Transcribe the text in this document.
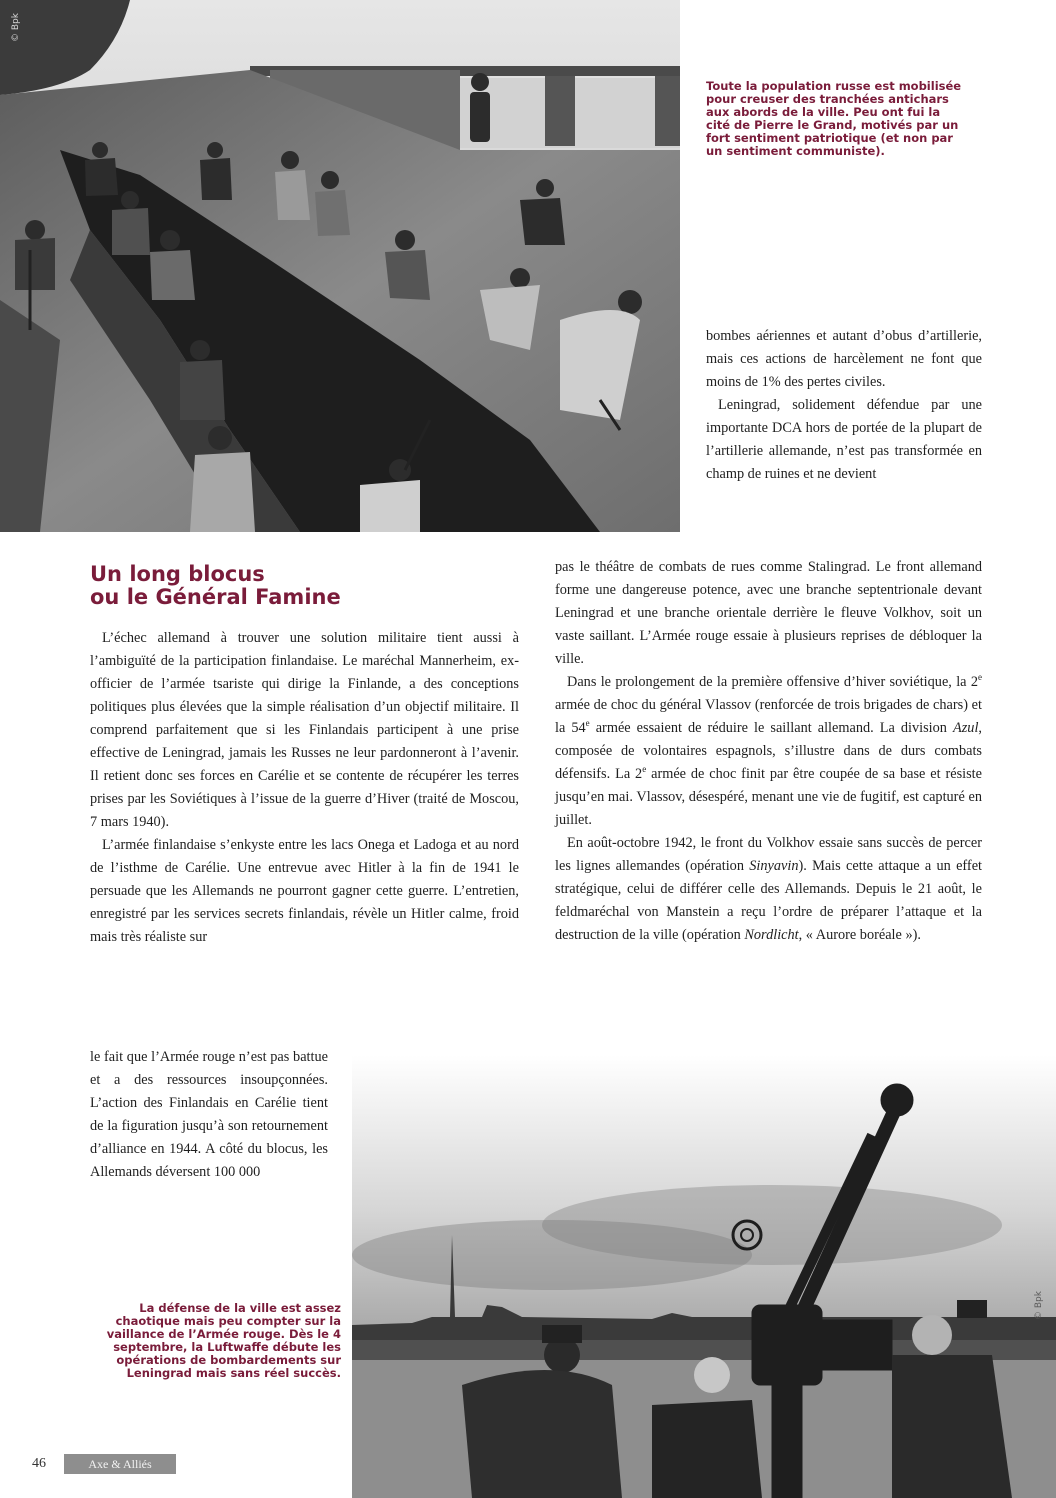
© Bpk
Toute la population russe est mobilisée pour creuser des tranchées antichars aux abords de la ville. Peu ont fui la cité de Pierre le Grand, motivés par un fort sentiment patriotique (et non par un sentiment communiste).

bombes aériennes et autant d’obus d’artillerie, mais ces actions de harcèlement ne font que moins de 1% des pertes civiles.

Leningrad, solidement défendue par une importante DCA hors de portée de la plupart de l’artillerie allemande, n’est pas transformée en champ de ruines et ne devient

Un long blocus
ou le Général Famine

L’échec allemand à trouver une solution militaire tient aussi à l’ambiguïté de la participation finlandaise. Le maréchal Mannerheim, ex-officier de l’armée tsariste qui dirige la Finlande, a des conceptions politiques plus élevées que la simple réalisation d’un objectif militaire. Il comprend parfaitement que si les Finlandais participent à une prise effective de Leningrad, jamais les Russes ne leur pardonneront à l’avenir. Il retient donc ses forces en Carélie et se contente de récupérer les terres prises par les Soviétiques à l’issue de la guerre d’Hiver (traité de Moscou, 7 mars 1940).

L’armée finlandaise s’enkyste entre les lacs Onega et Ladoga et au nord de l’isthme de Carélie. Une entrevue avec Hitler à la fin de 1941 le persuade que les Allemands ne pourront gagner cette guerre. L’entretien, enregistré par les services secrets finlandais, révèle un Hitler calme, froid mais très réaliste sur

le fait que l’Armée rouge n’est pas battue et a des ressources insoupçonnées. L’action des Finlandais en Carélie tient de la figuration jusqu’à son retournement d’alliance en 1944. A côté du blocus, les Allemands déversent 100 000

pas le théâtre de combats de rues comme Stalingrad. Le front allemand forme une dangereuse potence, avec une branche septentrionale devant Leningrad et une branche orientale derrière le fleuve Volkhov, soit un vaste saillant. L’Armée rouge essaie à plusieurs reprises de débloquer la ville.

Dans le prolongement de la première offensive d’hiver soviétique, la 2e armée de choc du général Vlassov (renforcée de trois brigades de chars) et la 54e armée essaient de réduire le saillant allemand. La division Azul, composée de volontaires espagnols, s’illustre dans de durs combats défensifs. La 2e armée de choc finit par être coupée de sa base et résiste jusqu’en mai. Vlassov, désespéré, menant une vie de fugitif, est capturé en juillet.

En août-octobre 1942, le front du Volkhov essaie sans succès de percer les lignes allemandes (opération Sinyavin). Mais cette attaque a un effet stratégique, celui de différer celle des Allemands. Depuis le 21 août, le feldmaréchal von Manstein a reçu l’ordre de préparer l’attaque et la destruction de la ville (opération Nordlicht, « Aurore boréale »).

© Bpk
La défense de la ville est assez chaotique mais peu compter sur la vaillance de l’Armée rouge. Dès le 4 septembre, la Luftwaffe débute les opérations de bombardements sur Leningrad mais sans réel succès.
46	Axe & Alliés
